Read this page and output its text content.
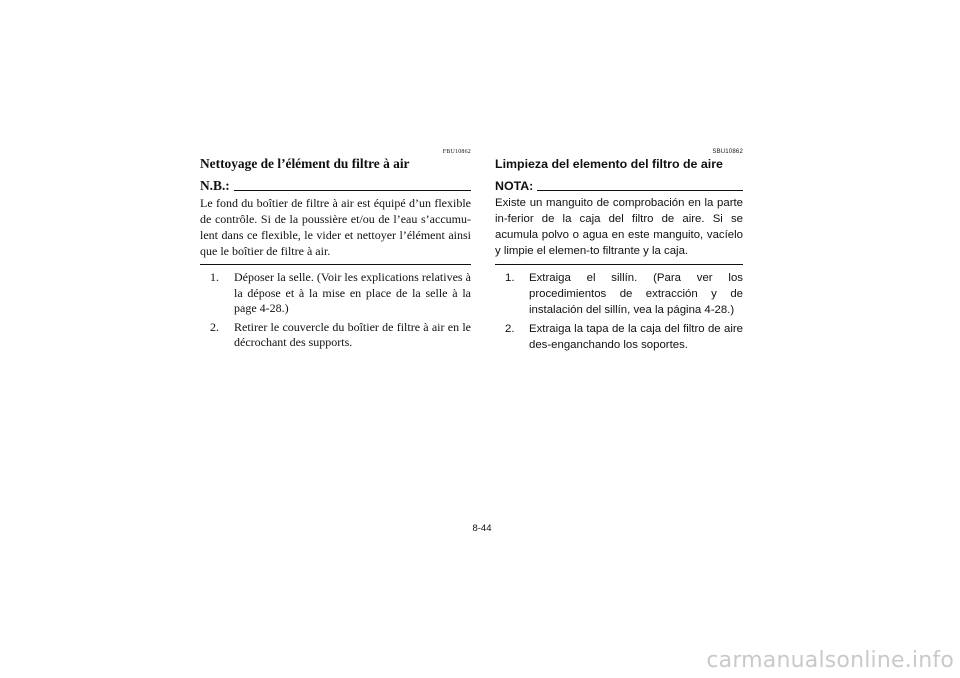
FBU10862
Nettoyage de l’élément du filtre à air
N.B.:
Le fond du boîtier de filtre à air est équipé d’un flexible de contrôle. Si de la poussière et/ou de l’eau s’accumu-lent dans ce flexible, le vider et nettoyer l’élément ainsi que le boîtier de filtre à air.
1.	Déposer la selle. (Voir les explications relatives à la dépose et à la mise en place de la selle à la page 4-28.)
2.	Retirer le couvercle du boîtier de filtre à air en le décrochant des supports.
SBU10862
Limpieza del elemento del filtro de aire
NOTA:
Existe un manguito de comprobación en la parte in-ferior de la caja del filtro de aire. Si se acumula polvo o agua en este manguito, vacíelo y limpie el elemen-to filtrante y la caja.
1.	Extraiga el sillín. (Para ver los procedimientos de extracción y de instalación del sillín, vea la página 4-28.)
2.	Extraiga la tapa de la caja del filtro de aire des-enganchando los soportes.
8-44
carmanualsonline.info
